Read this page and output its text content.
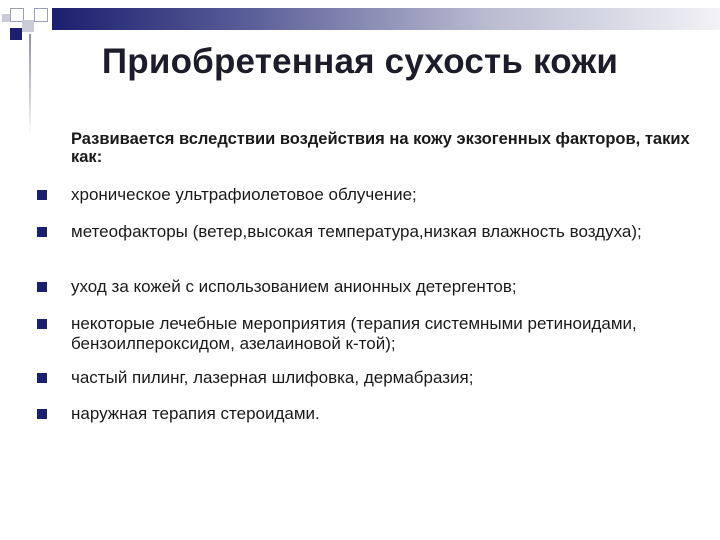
Приобретенная сухость кожи

Развивается вследствии воздействия на кожу экзогенных факторов, таких как:

хроническое ультрафиолетовое облучение;
метеофакторы (ветер,высокая температура,низкая влажность воздуха);
уход за кожей с использованием анионных детергентов;
некоторые лечебные мероприятия (терапия системными ретиноидами, бензоилпероксидом, азелаиновой к-той);
частый пилинг, лазерная шлифовка, дермабразия;
наружная терапия стероидами.
